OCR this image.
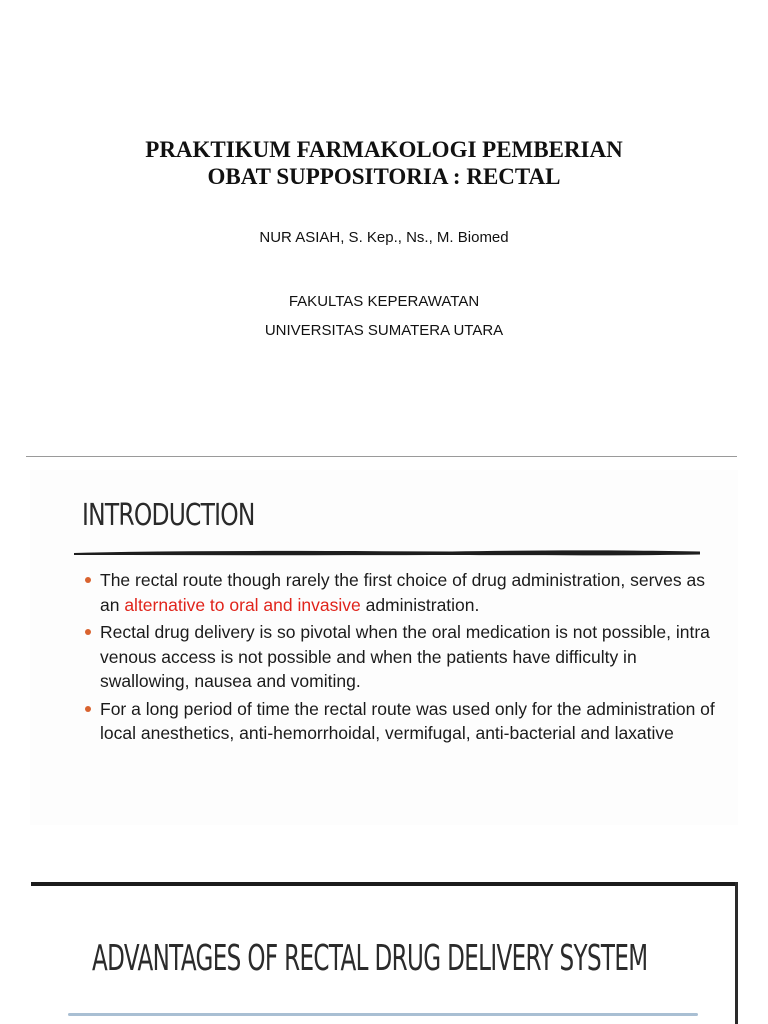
PRAKTIKUM FARMAKOLOGI PEMBERIAN

OBAT SUPPOSITORIA : RECTAL

NUR ASIAH, S. Kep., Ns., M. Biomed
FAKULTAS KEPERAWATAN
UNIVERSITAS SUMATERA UTARA
INTRODUCTION
The rectal route though rarely the first choice of drug administration, serves as an alternative to oral and invasive administration.
Rectal drug delivery is so pivotal when the oral medication is not possible, intra venous access is not possible and when the patients have difficulty in swallowing, nausea and vomiting.
For a long period of time the rectal route was used only for the administration of local anesthetics, anti-hemorrhoidal, vermifugal, anti-bacterial and laxative
ADVANTAGES OF RECTAL DRUG DELIVERY SYSTEM
